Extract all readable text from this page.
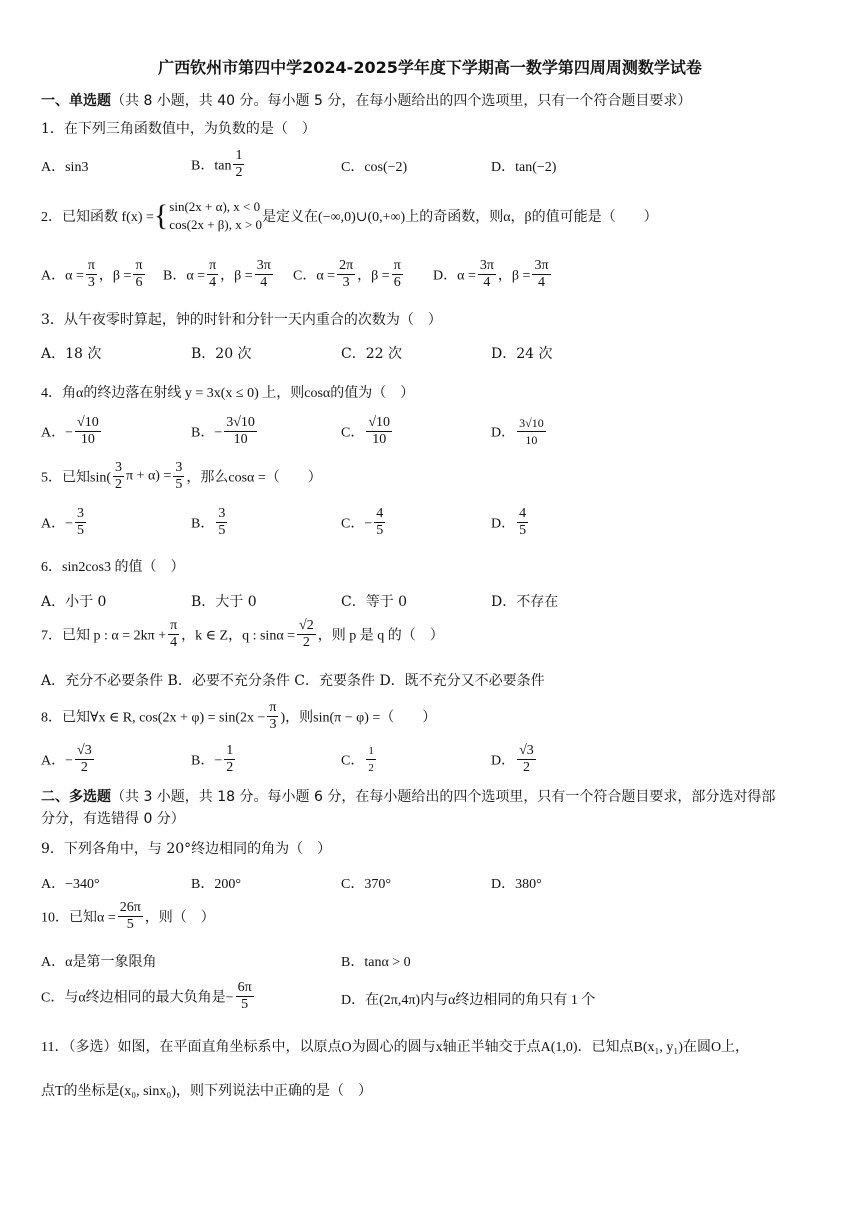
广西钦州市第四中学2024-2025学年度下学期高一数学第四周周测数学试卷
一、单选题（共 8 小题，共 40 分。每小题 5 分，在每小题给出的四个选项里，只有一个符合题目要求）
1．在下列三角函数值中，为负数的是（　）
A．sin3	B．$\tan \frac{1}{2}$	C．cos(−2)	D．tan(−2)
2．已知函数 f(x) ={ sin(2x + α), x < 0
cos(2x + β), x > 0 是定义在(−∞,0)∪(0,+∞)上的奇函数，则α，β的值可能是（　　）
A．$\alpha = \frac{\pi}{3}$ ，$\beta = \frac{\pi}{6}$ B．$\alpha = \frac{\pi}{4}$ ，$\beta = \frac{3\pi}{4}$ C．$\alpha = \frac{2\pi}{3}$ ，$\beta = \frac{\pi}{6}$ D．$\alpha = \frac{3\pi}{4}$ ，$\beta = \frac{3\pi}{4}$
3．从午夜零时算起，钟的时针和分针一天内重合的次数为（　）
A．18 次	B．20 次	C．22 次	D．24 次
4．角α的终边落在射线 y = 3x(x ≤ 0) 上，则cosα的值为（　）
A．− $\frac{√10}{10}$	B．− $\frac{3√10}{10}$	C． $\frac{√10}{10}$	D． $\frac{3√10}{10}$
5．已知$\sin( \frac{3}{2}$ $\pi + \alpha) = \frac{3}{5}$ ，那么cosα =（　　）
A．− $\frac{3}{5}$	B． $\frac{3}{5}$	C．− $\frac{4}{5}$	D． $\frac{4}{5}$
6．sin2cos3 的值（　）
A．小于 0	B．大于 0	C．等于 0	D．不存在
7．已知 p : $\alpha = 2k\pi + \frac{\pi}{4}$ ，k ∈ Z，q : $\sin\alpha = \frac{√2}{2}$ ，则 p 是 q 的（　）
A．充分不必要条件 B．必要不充分条件 C．充要条件 D．既不充分又不必要条件
8．已知∀x ∈ R, $\cos(2x + \varphi) = \sin(2x - \frac{\pi}{3}$ )，则sin(π − φ) =（　　）
A．− $\frac{√3}{2}$	B．− $\frac{1}{2}$	C． $\frac{1}{2}$	D． $\frac{√3}{2}$
二、多选题（共 3 小题，共 18 分。每小题 6 分，在每小题给出的四个选项里，只有一个符合题目要求，部分选对得部
分分，有选错得 0 分）
9．下列各角中，与 20°终边相同的角为（　）
A．−340°	B．200°	C．370°	D．380°
10．已知$\alpha = \frac{26\pi}{5}$ ，则（　）
A．α是第一象限角	B．tanα > 0
C．与α终边相同的最大负角是− $\frac{6\pi}{5}$	D．在(2π,4π)内与α终边相同的角只有 1 个
11．（多选）如图，在平面直角坐标系中，以原点O为圆心的圆与x轴正半轴交于点A(1,0)．已知点B(x₁, y₁)在圆O上，
点T的坐标是(x₀, sinx₀)，则下列说法中正确的是（　）
